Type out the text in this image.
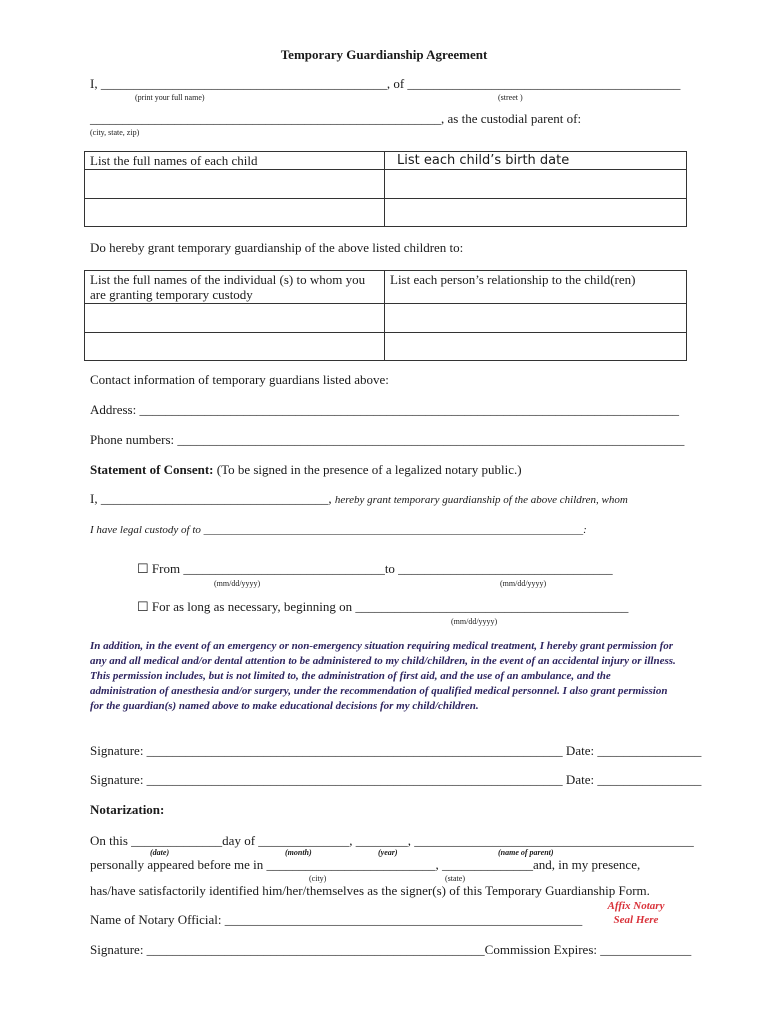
Temporary Guardianship Agreement
I, ____________________________________________, of __________________________________________
(print your full name)	(street )
______________________________________________________, as the custodial parent of:
(city, state, zip)
List the full names of each child	List each child’s birth date

Do hereby grant temporary guardianship of the above listed children to:
List the full names of the individual (s) to whom you are granting temporary custody	List each person’s relationship to the child(ren)

Contact information of temporary guardians listed above:
Address: ___________________________________________________________________________________
Phone numbers: ______________________________________________________________________________
Statement of Consent: (To be signed in the presence of a legalized notary public.)
I, ___________________________________, hereby grant temporary guardianship of the above children, whom
I have legal custody of to _____________________________________________________________________:
☐ From _______________________________to _________________________________
(mm/dd/yyyy)	(mm/dd/yyyy)
☐ For as long as necessary, beginning on __________________________________________
(mm/dd/yyyy)
In addition, in the event of an emergency or non-emergency situation requiring medical treatment, I hereby grant permission for any and all medical and/or dental attention to be administered to my child/children, in the event of an accidental injury or illness. This permission includes, but is not limited to, the administration of first aid, and the use of an ambulance, and the administration of anesthesia and/or surgery, under the recommendation of qualified medical personnel. I also grant permission for the guardian(s) named above to make educational decisions for my child/children.
Signature: ________________________________________________________________ Date: ________________
Signature: ________________________________________________________________ Date: ________________
Notarization:
On this ______________day of ______________, ________, ___________________________________________
(date)	(month)	(year)	(name of parent)
personally appeared before me in __________________________, ______________and, in my presence,
(city)	(state)
has/have satisfactorily identified him/her/themselves as the signer(s) of this Temporary Guardianship Form.
Affix Notary Seal Here
Name of Notary Official: _______________________________________________________
Signature: ____________________________________________________Commission Expires: ______________
